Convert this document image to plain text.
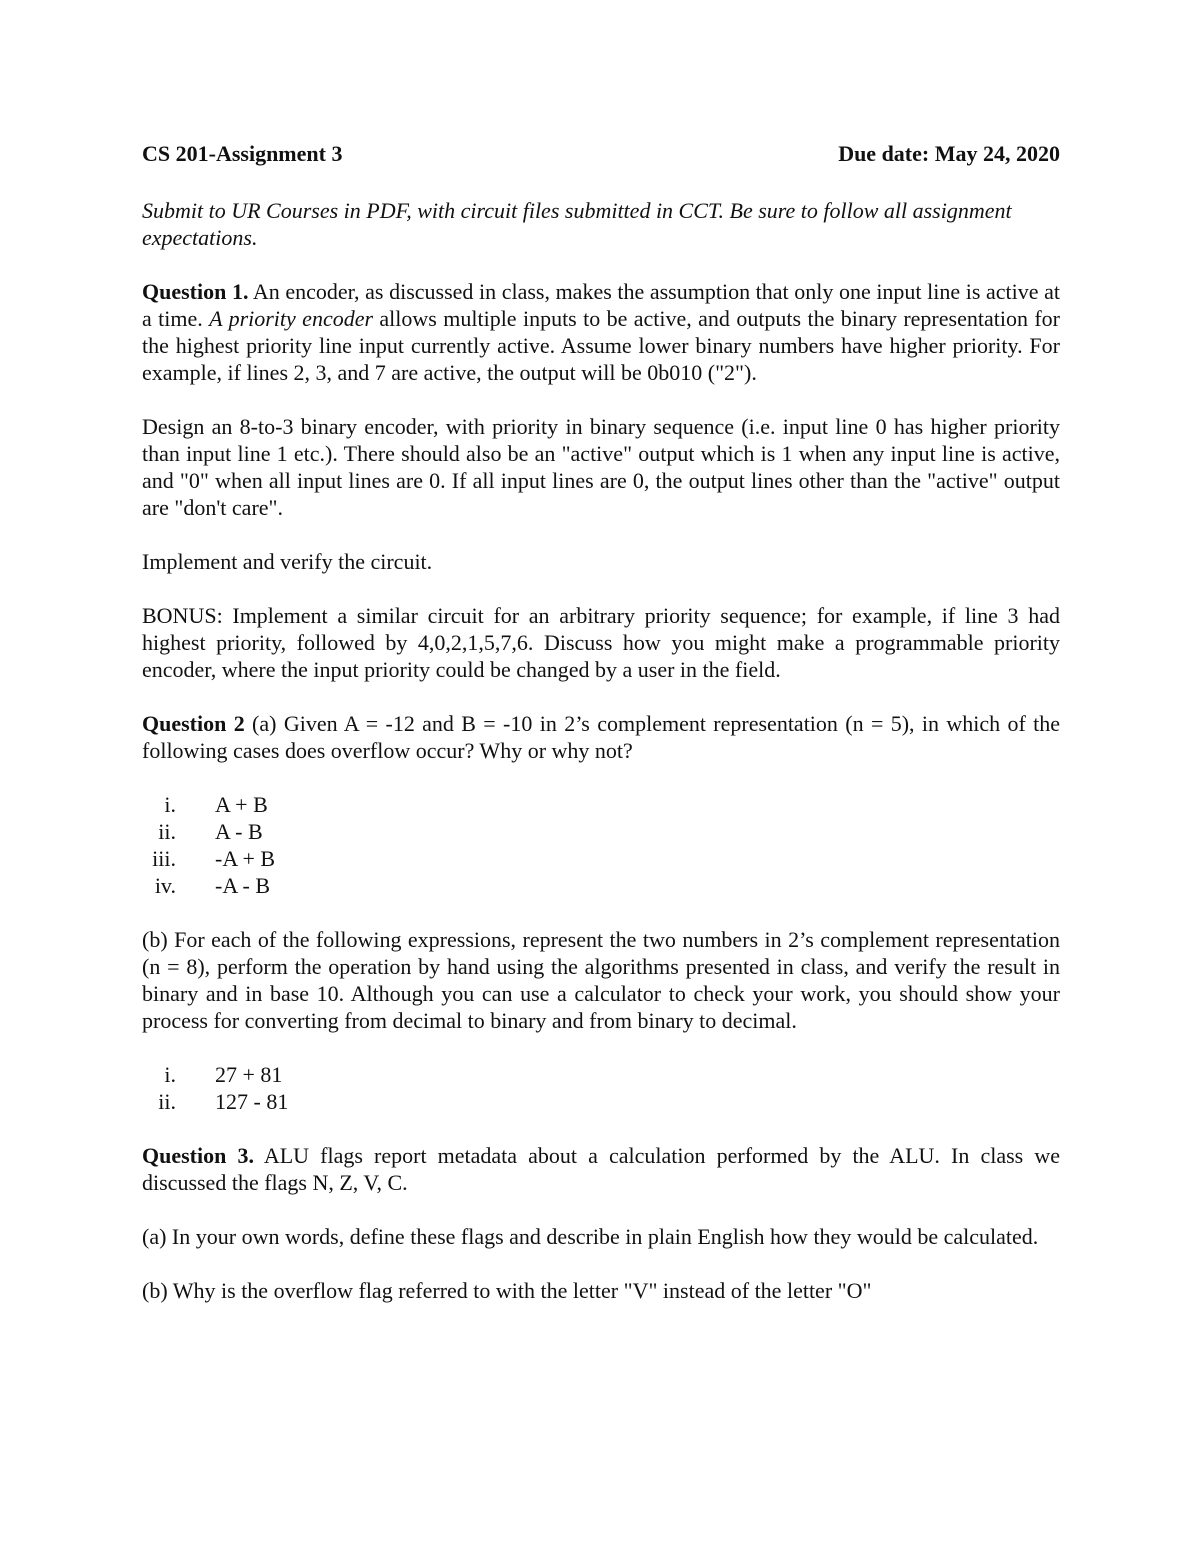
CS 201-Assignment 3	Due date: May 24, 2020

Submit to UR Courses in PDF, with circuit files submitted in CCT. Be sure to follow all assignment expectations.

Question 1. An encoder, as discussed in class, makes the assumption that only one input line is active at a time. A priority encoder allows multiple inputs to be active, and outputs the binary representation for the highest priority line input currently active. Assume lower binary numbers have higher priority. For example, if lines 2, 3, and 7 are active, the output will be 0b010 ("2").

Design an 8-to-3 binary encoder, with priority in binary sequence (i.e. input line 0 has higher priority than input line 1 etc.). There should also be an "active" output which is 1 when any input line is active, and "0" when all input lines are 0. If all input lines are 0, the output lines other than the "active" output are "don't care".

Implement and verify the circuit.

BONUS: Implement a similar circuit for an arbitrary priority sequence; for example, if line 3 had highest priority, followed by 4,0,2,1,5,7,6. Discuss how you might make a programmable priority encoder, where the input priority could be changed by a user in the field.

Question 2 (a) Given A = -12 and B = -10 in 2’s complement representation (n = 5), in which of the following cases does overflow occur? Why or why not?

i. A + B
ii. A - B
iii. -A + B
iv. -A - B

(b) For each of the following expressions, represent the two numbers in 2’s complement representation (n = 8), perform the operation by hand using the algorithms presented in class, and verify the result in binary and in base 10. Although you can use a calculator to check your work, you should show your process for converting from decimal to binary and from binary to decimal.

i. 27 + 81
ii. 127 - 81

Question 3. ALU flags report metadata about a calculation performed by the ALU. In class we discussed the flags N, Z, V, C.

(a) In your own words, define these flags and describe in plain English how they would be calculated.

(b) Why is the overflow flag referred to with the letter "V" instead of the letter "O"
